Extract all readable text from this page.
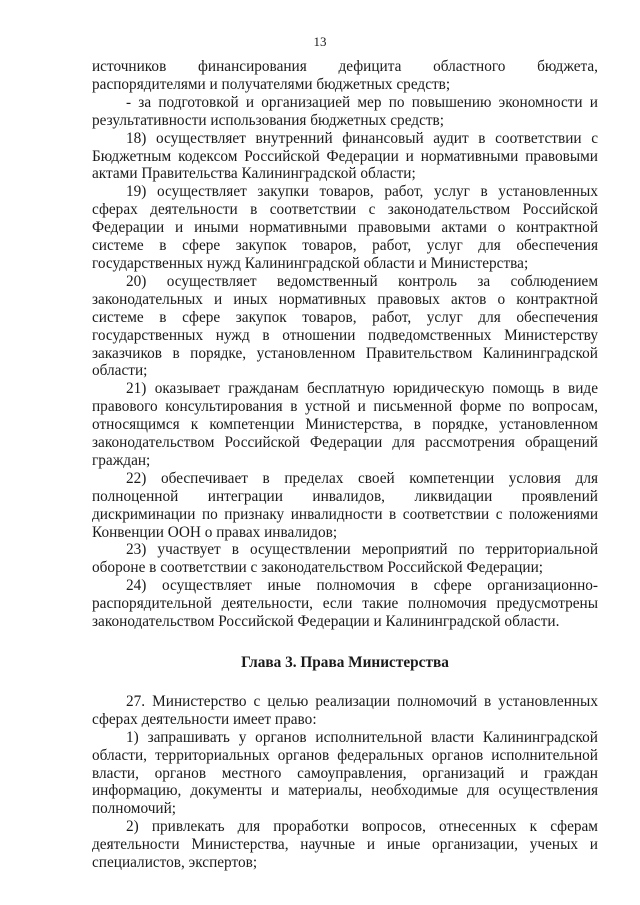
13

источников финансирования дефицита областного бюджета, распорядителями и получателями бюджетных средств;

- за подготовкой и организацией мер по повышению экономности и результативности использования бюджетных средств;

18) осуществляет внутренний финансовый аудит в соответствии с Бюджетным кодексом Российской Федерации и нормативными правовыми актами Правительства Калининградской области;

19) осуществляет закупки товаров, работ, услуг в установленных сферах деятельности в соответствии с законодательством Российской Федерации и иными нормативными правовыми актами о контрактной системе в сфере закупок товаров, работ, услуг для обеспечения государственных нужд Калининградской области и Министерства;

20) осуществляет ведомственный контроль за соблюдением законодательных и иных нормативных правовых актов о контрактной системе в сфере закупок товаров, работ, услуг для обеспечения государственных нужд в отношении подведомственных Министерству заказчиков в порядке, установленном Правительством Калининградской области;

21) оказывает гражданам бесплатную юридическую помощь в виде правового консультирования в устной и письменной форме по вопросам, относящимся к компетенции Министерства, в порядке, установленном законодательством Российской Федерации для рассмотрения обращений граждан;

22) обеспечивает в пределах своей компетенции условия для полноценной интеграции инвалидов, ликвидации проявлений дискриминации по признаку инвалидности в соответствии с положениями Конвенции ООН о правах инвалидов;

23) участвует в осуществлении мероприятий по территориальной обороне в соответствии с законодательством Российской Федерации;

24) осуществляет иные полномочия в сфере организационно-распорядительной деятельности, если такие полномочия предусмотрены законодательством Российской Федерации и Калининградской области.

Глава 3. Права Министерства

27. Министерство с целью реализации полномочий в установленных сферах деятельности имеет право:

1) запрашивать у органов исполнительной власти Калининградской области, территориальных органов федеральных органов исполнительной власти, органов местного самоуправления, организаций и граждан информацию, документы и материалы, необходимые для осуществления полномочий;

2) привлекать для проработки вопросов, отнесенных к сферам деятельности Министерства, научные и иные организации, ученых и специалистов, экспертов;
